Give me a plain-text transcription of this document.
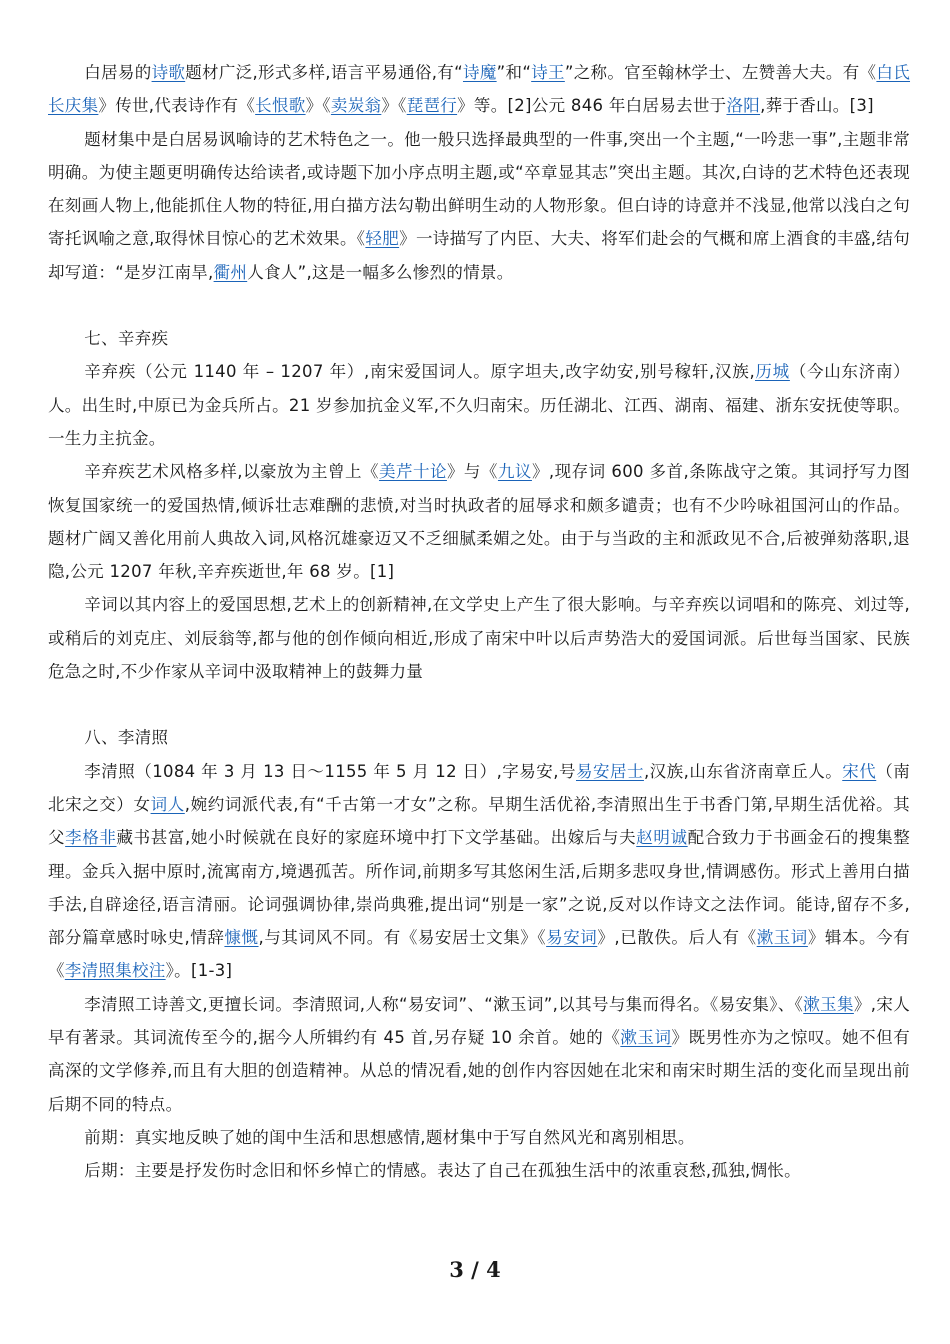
白居易的诗歌题材广泛,形式多样,语言平易通俗,有“诗魔”和“诗王”之称。官至翰林学士、左赞善大夫。有《白氏长庆集》传世,代表诗作有《长恨歌》《卖炭翁》《琵琶行》等。[2]公元 846 年白居易去世于洛阳,葬于香山。[3]

题材集中是白居易讽喻诗的艺术特色之一。他一般只选择最典型的一件事,突出一个主题,“一吟悲一事”,主题非常明确。为使主题更明确传达给读者,或诗题下加小序点明主题,或“卒章显其志”突出主题。其次,白诗的艺术特色还表现在刻画人物上,他能抓住人物的特征,用白描方法勾勒出鲜明生动的人物形象。但白诗的诗意并不浅显,他常以浅白之句寄托讽喻之意,取得怵目惊心的艺术效果。《轻肥》一诗描写了内臣、大夫、将军们赴会的气概和席上酒食的丰盛,结句却写道：“是岁江南旱,衢州人食人”,这是一幅多么惨烈的情景。

七、辛弃疾

辛弃疾（公元 1140 年 – 1207 年）,南宋爱国词人。原字坦夫,改字幼安,别号稼轩,汉族,历城（今山东济南）人。出生时,中原已为金兵所占。21 岁参加抗金义军,不久归南宋。历任湖北、江西、湖南、福建、浙东安抚使等职。一生力主抗金。

辛弃疾艺术风格多样,以豪放为主曾上《美芹十论》与《九议》,现存词 600 多首,条陈战守之策。其词抒写力图恢复国家统一的爱国热情,倾诉壮志难酬的悲愤,对当时执政者的屈辱求和颇多谴责；也有不少吟咏祖国河山的作品。题材广阔又善化用前人典故入词,风格沉雄豪迈又不乏细腻柔媚之处。由于与当政的主和派政见不合,后被弹劾落职,退隐,公元 1207 年秋,辛弃疾逝世,年 68 岁。[1]

辛词以其内容上的爱国思想,艺术上的创新精神,在文学史上产生了很大影响。与辛弃疾以词唱和的陈亮、刘过等,或稍后的刘克庄、刘辰翁等,都与他的创作倾向相近,形成了南宋中叶以后声势浩大的爱国词派。后世每当国家、民族危急之时,不少作家从辛词中汲取精神上的鼓舞力量

八、李清照

李清照（1084 年 3 月 13 日～1155 年 5 月 12 日）,字易安,号易安居士,汉族,山东省济南章丘人。宋代（南北宋之交）女词人,婉约词派代表,有“千古第一才女”之称。早期生活优裕,李清照出生于书香门第,早期生活优裕。其父李格非藏书甚富,她小时候就在良好的家庭环境中打下文学基础。出嫁后与夫赵明诚配合致力于书画金石的搜集整理。金兵入据中原时,流寓南方,境遇孤苦。所作词,前期多写其悠闲生活,后期多悲叹身世,情调感伤。形式上善用白描手法,自辟途径,语言清丽。论词强调协律,崇尚典雅,提出词“别是一家”之说,反对以作诗文之法作词。能诗,留存不多,部分篇章感时咏史,情辞慷慨,与其词风不同。有《易安居士文集》《易安词》,已散佚。后人有《漱玉词》辑本。今有《李清照集校注》。[1-3]

李清照工诗善文,更擅长词。李清照词,人称“易安词”、“漱玉词”,以其号与集而得名。《易安集》、《漱玉集》,宋人早有著录。其词流传至今的,据今人所辑约有 45 首,另存疑 10 余首。她的《漱玉词》既男性亦为之惊叹。她不但有高深的文学修养,而且有大胆的创造精神。从总的情况看,她的创作内容因她在北宋和南宋时期生活的变化而呈现出前后期不同的特点。

前期：真实地反映了她的闺中生活和思想感情,题材集中于写自然风光和离别相思。

后期：主要是抒发伤时念旧和怀乡悼亡的情感。表达了自己在孤独生活中的浓重哀愁,孤独,惆怅。

3 / 4
